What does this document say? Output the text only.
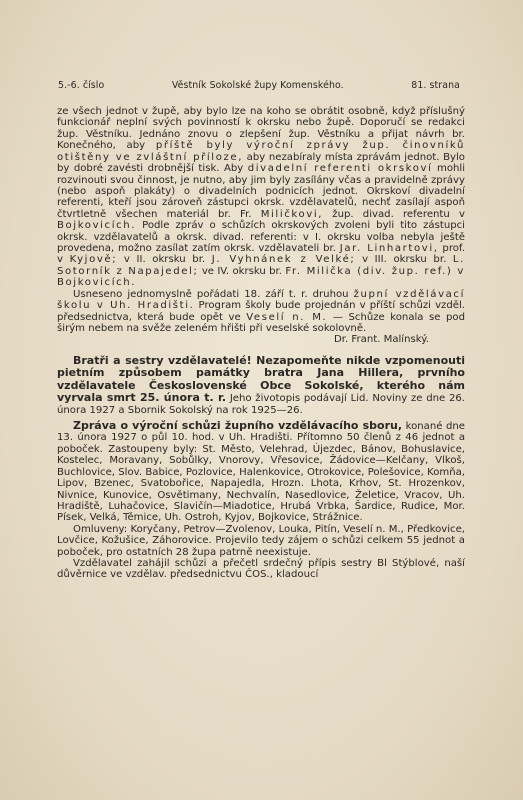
5.-6. číslo	Věstník Sokolské župy Komenského.	81. strana

ze všech jednot v župě, aby bylo lze na koho se obrátit osobně, když příslušný funkcionář neplní svých povinností k okrsku nebo župě. Doporučí se redakci žup. Věstníku. Jednáno znovu o zlepšení žup. Věstníku a přijat návrh br. Konečného, aby příště byly výroční zprávy žup. činovníků otištěny ve zvláštní příloze, aby nezabíraly místa zprávám jednot. Bylo by dobré zavésti drobnější tisk. Aby divadelní referenti okrskoví mohli rozvinouti svou činnost, je nutno, aby jim byly zasílány včas a pravidelně zprávy (nebo aspoň plakáty) o divadelních podnicích jednot. Okrskoví divadelní referenti, kteří jsou zároveň zástupci okrsk. vzdělavatelů, nechť zasílají aspoň čtvrtletně všechen materiál br. Fr. Miličkovi, žup. divad. referentu v Bojkovicích. Podle zpráv o schůzích okrskových zvoleni byli tito zástupci okrsk. vzdělavatelů a okrsk. divad. referenti: v I. okrsku volba nebyla ještě provedena, možno zasílat zatím okrsk. vzdělavateli br. Jar. Linhartovi, prof. v Kyjově; v II. okrsku br. J. Vyhnánek z Velké; v III. okrsku br. L. Sotorník z Napajedel; ve IV. okrsku br. Fr. Milička (div. žup. ref.) v Bojkovicích.

Usneseno jednomyslně pořádati 18. září t. r. druhou župní vzdělávací školu v Uh. Hradišti. Program školy bude projednán v příští schůzi vzděl. předsednictva, která bude opět ve Veselí n. M. — Schůze konala se pod širým nebem na svěže zeleném hřišti při veselské sokolovně.

Dr. Frant. Malínský.

Bratři a sestry vzdělavatelé! Nezapomeňte nikde vzpomenouti pietním způsobem památky bratra Jana Hillera, prvního vzdělavatele Československé Obce Sokolské, kterého nám vyrvala smrt 25. února t. r. Jeho životopis podávají Lid. Noviny ze dne 26. února 1927 a Sbornik Sokolský na rok 1925—26.

Zpráva o výroční schůzi župního vzdělávacího sboru, konané dne 13. února 1927 o půl 10. hod. v Uh. Hradišti. Přítomno 50 členů z 46 jednot a poboček. Zastoupeny byly: St. Město, Velehrad, Újezdec, Bánov, Bohuslavice, Kostelec, Moravany, Sobůlky, Vnorovy, Vřesovice, Žádovice—Kelčany, Vlkoš, Buchlovice, Slov. Babice, Pozlovice, Halenkovice, Otrokovice, Polešovice, Komňa, Lipov, Bzenec, Svatobořice, Napajedla, Hrozn. Lhota, Krhov, St. Hrozenkov, Nivnice, Kunovice, Osvětimany, Nechvalín, Nasedlovice, Želetice, Vracov, Uh. Hradiště, Luhačovice, Slavičín—Miadotice, Hrubá Vrbka, Šardice, Rudice, Mor. Písek, Velká, Těmice, Uh. Ostroh, Kyjov, Bojkovice, Strážnice.

Omluveny: Koryčany, Petrov—Zvolenov, Louka, Pitín, Veselí n. M., Předkovice, Lovčice, Kožušice, Záhorovice. Projevilo tedy zájem o schůzi celkem 55 jednot a poboček, pro ostatních 28 župa patrně neexistuje.

Vzdělavatel zahájil schůzi a přečetl srdečný přípis sestry Bl Stýblové, naší důvěrnice ve vzdělav. předsednictvu ČOS., kladoucí
